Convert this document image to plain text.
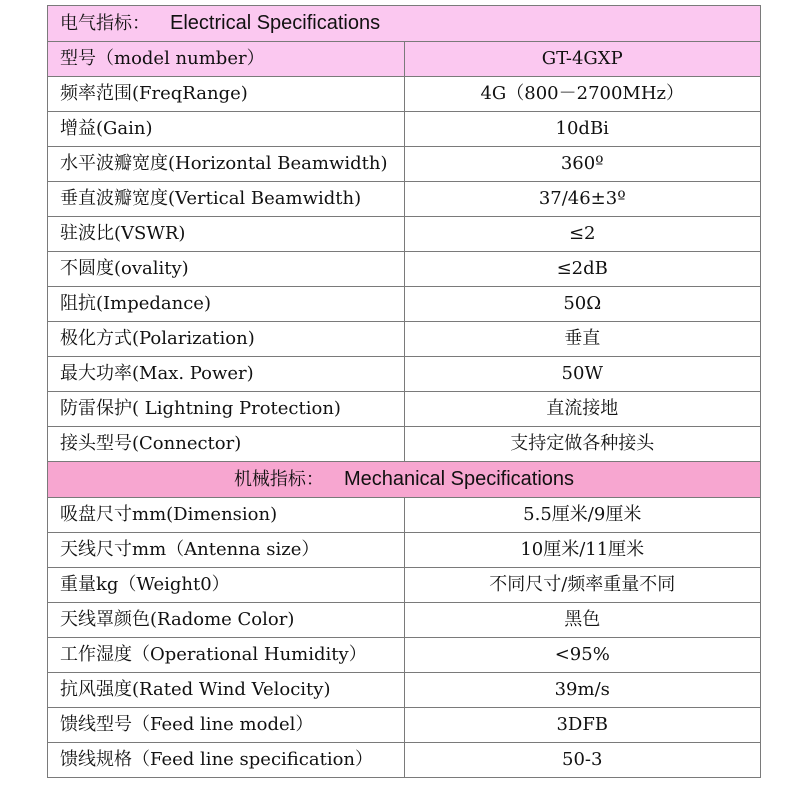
电气指标： Electrical Specifications	
型号（model number）	GT-4GXP
频率范围(FreqRange)	4G（800－2700MHz）
增益(Gain)	10dBi
水平波瓣宽度(Horizontal Beamwidth)	360º
垂直波瓣宽度(Vertical Beamwidth)	37/46±3º
驻波比(VSWR)	≤2
不圆度(ovality)	≤2dB
阻抗(Impedance)	50Ω
极化方式(Polarization)	垂直
最大功率(Max. Power)	50W
防雷保护( Lightning Protection)	直流接地
接头型号(Connector)	支持定做各种接头
机械指标： Mechanical Specifications	
吸盘尺寸mm(Dimension)	5.5厘米/9厘米
天线尺寸mm（Antenna size）	10厘米/11厘米
重量kg（Weight0）	不同尺寸/频率重量不同
天线罩颜色(Radome Color)	黑色
工作湿度（Operational Humidity）	<95%
抗风强度(Rated Wind Velocity)	39m/s
馈线型号（Feed line model）	3DFB
馈线规格（Feed line specification）	50-3
